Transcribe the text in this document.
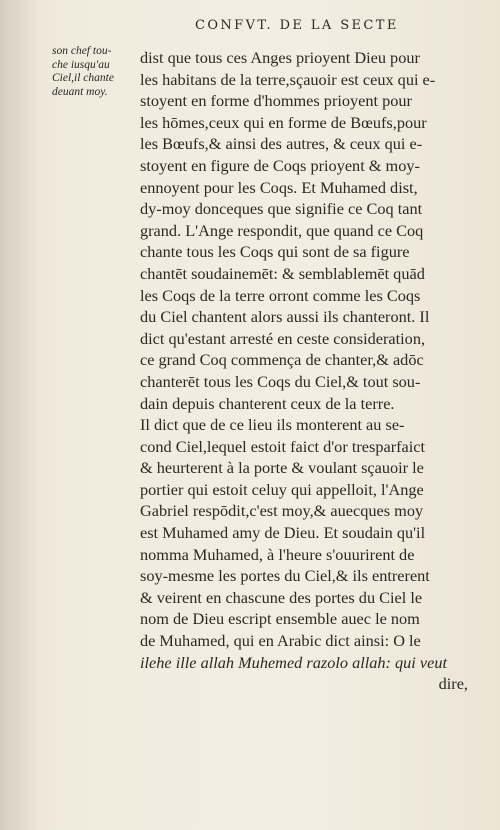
CONFVT. DE LA SECTE
son chef tou-
che iusqu'au
Ciel,il chante
deuant moy.
dist que tous ces Anges prioyent Dieu pour
les habitans de la terre,sçauoir est ceux qui e-
stoyent en forme d'hommes prioyent pour
les hōmes,ceux qui en forme de Bœufs,pour
les Bœufs,& ainsi des autres, & ceux qui e-
stoyent en figure de Coqs prioyent & moy-
ennoyent pour les Coqs. Et Muhamed dist,
dy-moy donceques que signifie ce Coq tant
grand. L'Ange respondit, que quand ce Coq
chante tous les Coqs qui sont de sa figure
chantēt soudainemēt: & semblablemēt quād
les Coqs de la terre orront comme les Coqs
du Ciel chantent alors aussi ils chanteront. Il
dict qu'estant arresté en ceste consideration,
ce grand Coq commença de chanter,& adōc
chanterēt tous les Coqs du Ciel,& tout sou-
dain depuis chanterent ceux de la terre.
Il dict que de ce lieu ils monterent au se-
cond Ciel,lequel estoit faict d'or tresparfaict
& heurterent à la porte & voulant sçauoir le
portier qui estoit celuy qui appelloit, l'Ange
Gabriel respōdit,c'est moy,& auecques moy
est Muhamed amy de Dieu. Et soudain qu'il
nomma Muhamed, à l'heure s'ouurirent de
soy-mesme les portes du Ciel,& ils entrerent
& veirent en chascune des portes du Ciel le
nom de Dieu escript ensemble auec le nom
de Muhamed, qui en Arabic dict ainsi: O le
ilehe ille allah Muhemed razolo allah: qui veut
dire,
